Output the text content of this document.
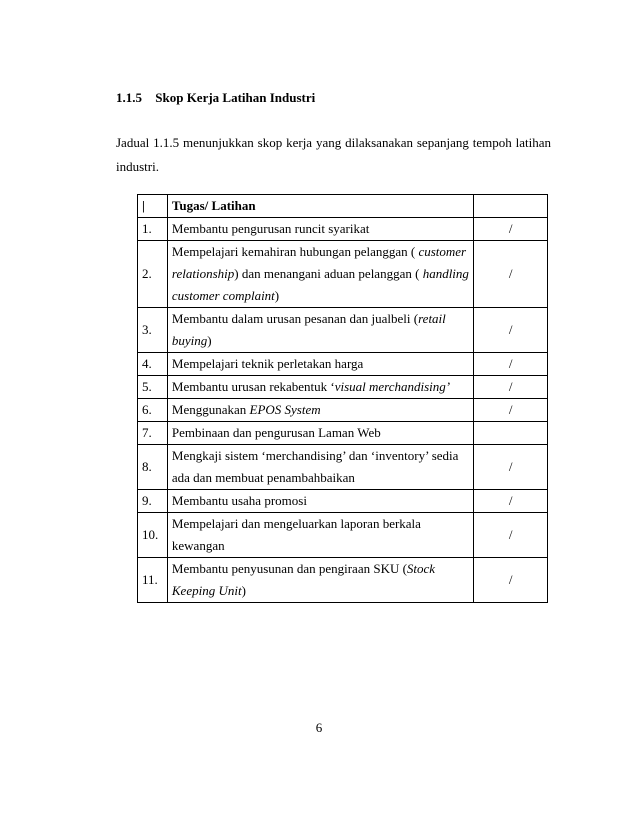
1.1.5 Skop Kerja Latihan Industri
Jadual 1.1.5 menunjukkan skop kerja yang dilaksanakan sepanjang tempoh latihan industri.
|	Tugas/ Latihan	
1.	Membantu pengurusan runcit syarikat	/
2.	Mempelajari kemahiran hubungan pelanggan ( customer relationship) dan menangani aduan pelanggan ( handling customer complaint)	/
3.	Membantu dalam urusan pesanan dan jualbeli (retail buying)	/
4.	Mempelajari teknik perletakan harga	/
5.	Membantu urusan rekabentuk ‘visual merchandising’	/
6.	Menggunakan EPOS System	/
7.	Pembinaan dan pengurusan Laman Web	
8.	Mengkaji sistem ‘merchandising’ dan ‘inventory’ sedia ada dan membuat penambahbaikan	/
9.	Membantu usaha promosi	/
10.	Mempelajari dan mengeluarkan laporan berkala kewangan	/
11.	Membantu penyusunan dan pengiraan SKU (Stock Keeping Unit)	/
6
